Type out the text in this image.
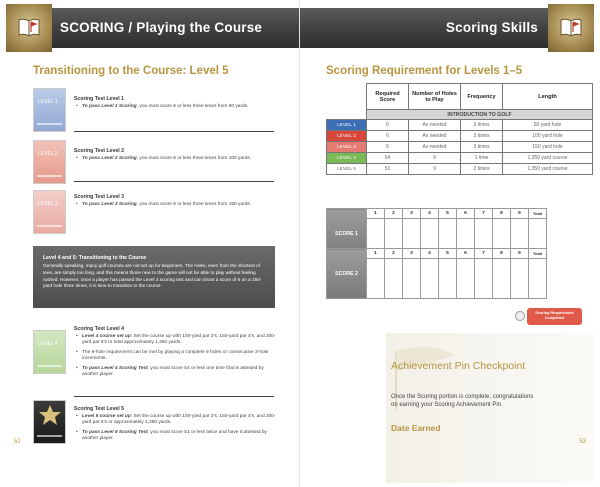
SCORING / Playing the Course
Transitioning to the Course: Level 5
LEVEL 1	Scoring Test Level 1
• To pass Level 1 Scoring, you must score 6 or less three times from 50 yards.
LEVEL 2	Scoring Test Level 2
• To pass Level 2 Scoring, you must score 6 or less three times from 100 yards.
LEVEL 3
Scoring Test Level 3
• To pass Level 3 Scoring, you must score 6 or less three times from 150 yards.
Level 4 and 5: Transitioning to the Course

Generally speaking, many golf courses are not set up for beginners. The holes, even from the shortest of tees, are simply too long, and this means those new to the game will not be able to play without feeling rushed. However, once a player has passed the Level 3 scoring test and can shoot a score of 6 on a 150-yard hole three times, it is time to transition to the course.

LEVEL 4
Scoring Test Level 4
• Level 4 course set up: Set the course up with 100-yard par 3's, 150-yard par 4's, and 200-yard par 5's to total approximately 1,350 yards.
• The 9-hole requirement can be met by playing a complete 9 holes or consecutive 3-hole increments.
• To pass Level 4 Scoring Test, you must score 54 or less one time that is attested by another player.
Scoring Test Level 5
• Level 5 course set up: Set the course up with 100-yard par 3's, 150-yard par 4's, and 200-yard par 5's or approximately 1,350 yards.
• To pass Level 5 Scoring Test, you must score 51 or less twice and have it attested by another player.
52
Scoring Skills
Scoring Requirement for Levels 1–5
	Required Score	Number of Holes to Play	Frequency	Length
	INTRODUCTION TO GOLF			
LEVEL 1	6	As needed	3 times	50 yard hole
LEVEL 2	6	As needed	3 times	100 yard hole
LEVEL 3	6	As needed	3 times	150 yard hole
LEVEL 4	54	9	1 time	1,350 yard course
LEVEL 5	51	9	2 times	1,350 yard course
SCORE 1	1	2	3	4	5	6	7	8	9	Total

SCORE 2	1	2	3	4	5	6	7	8	9	Total

Scoring Requirement Completed
Achievement Pin Checkpoint
Once the Scoring portion is complete, congratulations on earning your Scoring Achievement Pin.
Date Earned
53
